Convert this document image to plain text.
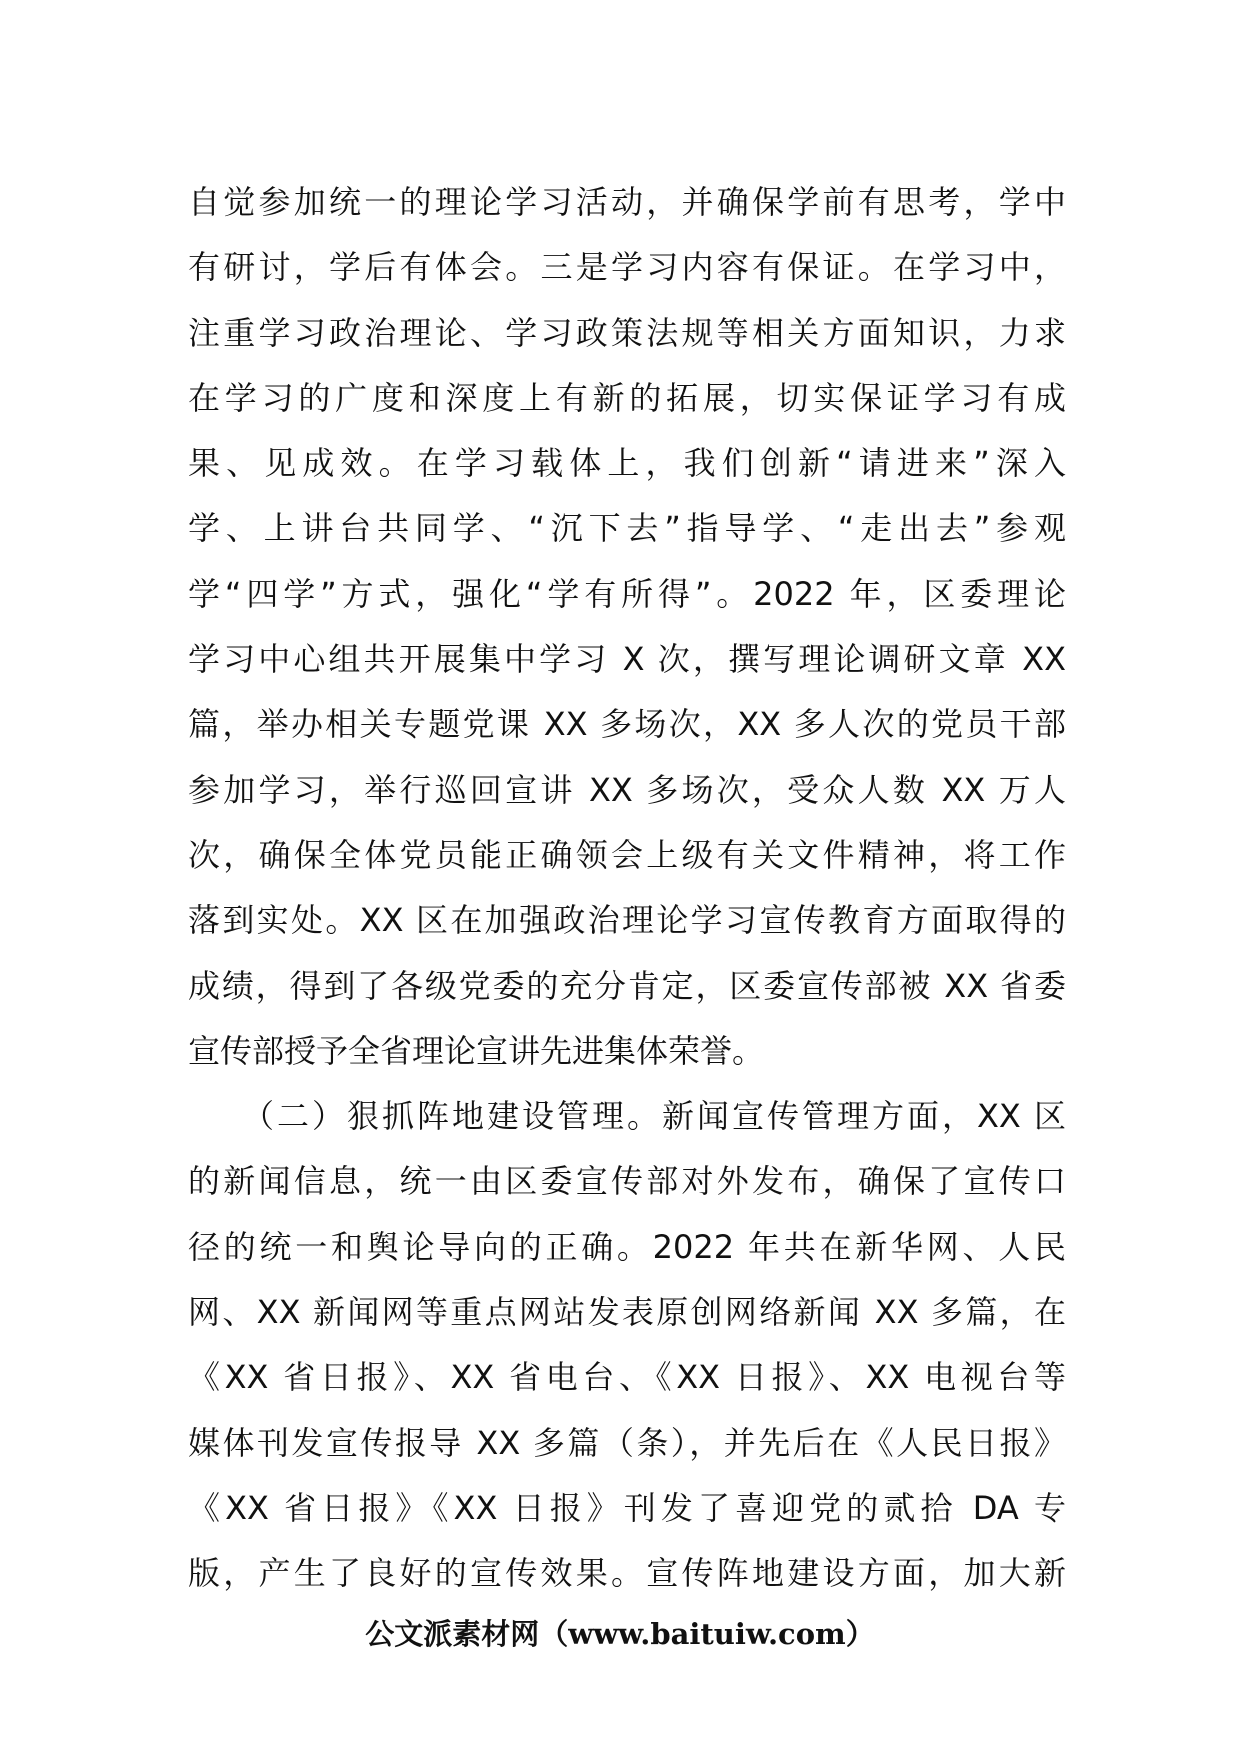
自觉参加统一的理论学习活动，并确保学前有思考，学中
有研讨，学后有体会。三是学习内容有保证。在学习中，
注重学习政治理论、学习政策法规等相关方面知识，力求
在学习的广度和深度上有新的拓展，切实保证学习有成
果、见成效。在学习载体上，我们创新“请进来”深入
学、上讲台共同学、“沉下去”指导学、“走出去”参观
学“四学”方式，强化“学有所得”。2022 年，区委理论
学习中心组共开展集中学习 X 次，撰写理论调研文章 XX
篇，举办相关专题党课 XX 多场次，XX 多人次的党员干部
参加学习，举行巡回宣讲 XX 多场次，受众人数 XX 万人
次，确保全体党员能正确领会上级有关文件精神，将工作
落到实处。XX 区在加强政治理论学习宣传教育方面取得的
成绩，得到了各级党委的充分肯定，区委宣传部被 XX 省委
宣传部授予全省理论宣讲先进集体荣誉。
　　（二）狠抓阵地建设管理。新闻宣传管理方面，XX 区
的新闻信息，统一由区委宣传部对外发布，确保了宣传口
径的统一和舆论导向的正确。2022 年共在新华网、人民
网、XX 新闻网等重点网站发表原创网络新闻 XX 多篇，在
《XX 省日报》、XX 省电台、《XX 日报》、XX 电视台等
媒体刊发宣传报导 XX 多篇（条），并先后在《人民日报》
《XX 省日报》《XX 日报》刊发了喜迎党的贰拾 DA 专
版，产生了良好的宣传效果。宣传阵地建设方面，加大新
公文派素材网（www.baituiw.com）
